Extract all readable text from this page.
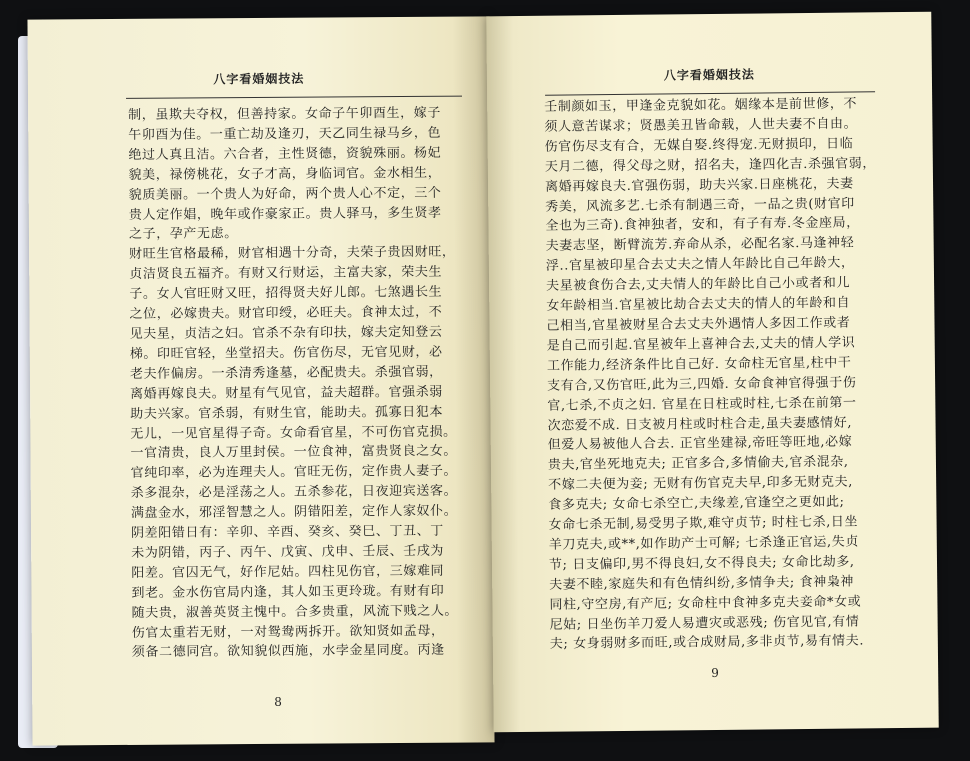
八字看婚姻技法
制，虽欺夫夺权，但善持家。女命子午卯酉生，嫁子
午卯酉为佳。一重亡劫及逢刃，天乙同生禄马乡，色
绝过人真且洁。六合者，主性贤德，资貌殊丽。杨妃
貌美，禄傍桃花，女子才高，身临词官。金水相生，
貌质美丽。一个贵人为好命，两个贵人心不定，三个
贵人定作娼，晚年或作豪家正。贵人驿马，多生贤孝
之子，孕产无虑。
财旺生官格最稀，财官相遇十分奇，夫荣子贵因财旺，
贞洁贤良五福齐。有财又行财运，主富夫家，荣夫生
子。女人官旺财又旺，招得贤夫好儿郎。七煞遇长生
之位，必嫁贵夫。财官印绶，必旺夫。食神太过，不
见夫星，贞洁之妇。官杀不杂有印扶，嫁夫定知登云
梯。印旺官轻，坐堂招夫。伤官伤尽，无官见财，必
老夫作偏房。一杀清秀逢墓，必配贵夫。杀强官弱，
离婚再嫁良夫。财星有气见官，益夫超群。官强杀弱
助夫兴家。官杀弱，有财生官，能助夫。孤寡日犯本
无儿，一见官星得子奇。女命看官星，不可伤官克损。
一官清贵，良人万里封侯。一位食神，富贵贤良之女。
官纯印率，必为连理夫人。官旺无伤，定作贵人妻子。
杀多混杂，必是淫荡之人。五杀参花，日夜迎宾送客。
满盘金水，邪淫智慧之人。阴错阳差，定作人家奴仆。
阴差阳错日有：辛卯、辛酉、癸亥、癸巳、丁丑、丁
未为阴错，丙子、丙午、戊寅、戊申、壬辰、壬戌为
阳差。官囚无气，好作尼姑。四柱见伤官，三嫁难同
到老。金水伤官局内逢，其人如玉更玲珑。有财有印
随夫贵，淑善英贤主愧中。合多贵重，风流下贱之人。
伤官太重若无财，一对鸳鸯两拆开。欲知贤如孟母，
须备二德同宫。欲知貌似西施，水孛金星同度。丙逢
8
八字看婚姻技法
壬制颜如玉，甲逢金克貌如花。姻缘本是前世修，不
须人意苦谋求；贤愚美丑皆命载，人世夫妻不自由。
伤官伤尽支有合，无媒自娶.终得宠.无财损印，日临
天月二德，得父母之财，招名夫，逢四化吉.杀强官弱，
离婚再嫁良夫.官强伤弱，助夫兴家.日座桃花，夫妻
秀美，风流多艺.七杀有制遇三奇，一品之贵(财官印
全也为三奇).食神独者，安和，有子有寿.冬金座局，
夫妻志坚，断臂流芳.弃命从杀，必配名家.马逢神轻
浮..官星被印星合去丈夫之情人年龄比自己年龄大，
夫星被食伤合去,丈夫情人的年龄比自己小或者和儿
女年龄相当.官星被比劫合去丈夫的情人的年龄和自
己相当,官星被财星合去丈夫外遇情人多因工作或者
是自己而引起.官星被年上喜神合去,丈夫的情人学识
工作能力,经济条件比自己好. 女命柱无官星,柱中干
支有合,又伤官旺,此为三,四婚. 女命食神官得强于伤
官,七杀,不贞之妇. 官星在日柱或时柱,七杀在前第一
次恋爱不成. 日支被月柱或时柱合走,虽夫妻感情好,
但爱人易被他人合去. 正官坐建禄,帝旺等旺地,必嫁
贵夫,官坐死地克夫; 正官多合,多情偷夫,官杀混杂,
不嫁二夫便为妾; 无财有伤官克夫早,印多无财克夫,
食多克夫; 女命七杀空亡,夫缘差,官逢空之更如此;
女命七杀无制,易受男子欺,难守贞节; 时柱七杀,日坐
羊刀克夫,或**,如作助产士可解; 七杀逢正官运,失贞
节; 日支偏印,男不得良妇,女不得良夫; 女命比劫多,
夫妻不睦,家庭失和有色情纠纷,多情争夫; 食神枭神
同柱,守空房,有产厄; 女命柱中食神多克夫妾命*女或
尼姑; 日坐伤羊刀爱人易遭灾或恶残; 伤官见官,有情
夫; 女身弱财多而旺,或合成财局,多非贞节,易有情夫.
9
